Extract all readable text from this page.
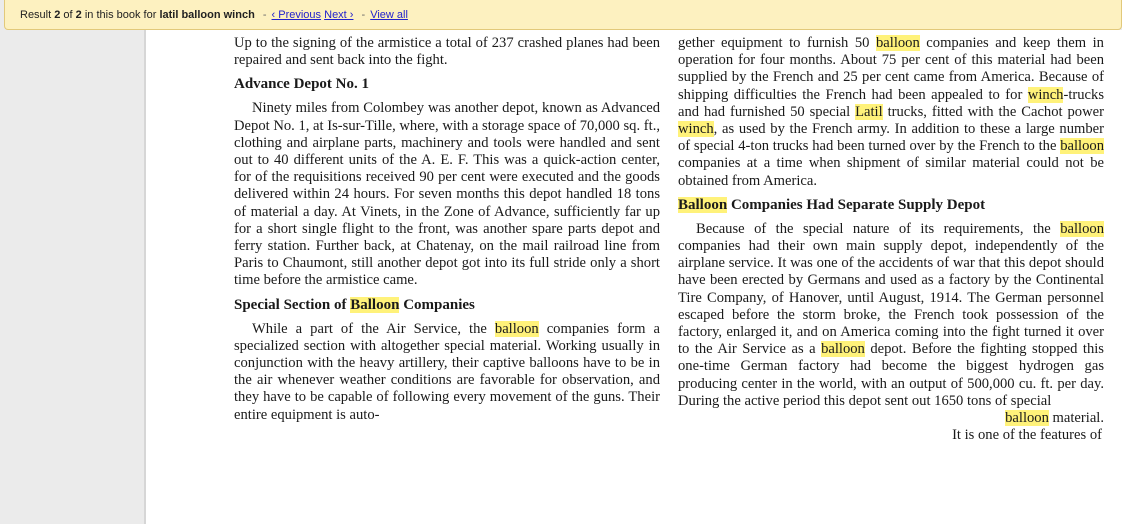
Result 2 of 2 in this book for latil balloon winch - ‹ Previous Next › - View all

Up to the signing of the armistice a total of 237 crashed planes had been repaired and sent back into the fight.

Advance Depot No. 1

Ninety miles from Colombey was another depot, known as Advanced Depot No. 1, at Is-sur-Tille, where, with a storage space of 70,000 sq. ft., clothing and airplane parts, machinery and tools were handled and sent out to 40 different units of the A. E. F. This was a quick-action center, for of the requisitions received 90 per cent were executed and the goods delivered within 24 hours. For seven months this depot handled 18 tons of material a day. At Vinets, in the Zone of Advance, sufficiently far up for a short single flight to the front, was another spare parts depot and ferry station. Further back, at Chatenay, on the mail railroad line from Paris to Chaumont, still another depot got into its full stride only a short time before the armistice came.

Special Section of Balloon Companies

While a part of the Air Service, the balloon companies form a specialized section with altogether special material. Working usually in conjunction with the heavy artillery, their captive balloons have to be in the air whenever weather conditions are favorable for observation, and they have to be capable of following every movement of the guns. Their entire equipment is auto-

gether equipment to furnish 50 balloon companies and keep them in operation for four months. About 75 per cent of this material had been supplied by the French and 25 per cent came from America. Because of shipping difficulties the French had been appealed to for winch-trucks and had furnished 50 special Latil trucks, fitted with the Cachot power winch, as used by the French army. In addition to these a large number of special 4-ton trucks had been turned over by the French to the balloon companies at a time when shipment of similar material could not be obtained from America.

Balloon Companies Had Separate Supply Depot

Because of the special nature of its requirements, the balloon companies had their own main supply depot, independently of the airplane service. It was one of the accidents of war that this depot should have been erected by Germans and used as a factory by the Continental Tire Company, of Hanover, until August, 1914. The German personnel escaped before the storm broke, the French took possession of the factory, enlarged it, and on America coming into the fight turned it over to the Air Service as a balloon depot. Before the fighting stopped this one-time German factory had become the biggest hydrogen gas producing center in the world, with an output of 500,000 cu. ft. per day. During the active period this depot sent out 1650 tons of special

balloon material.

It is one of the features of
